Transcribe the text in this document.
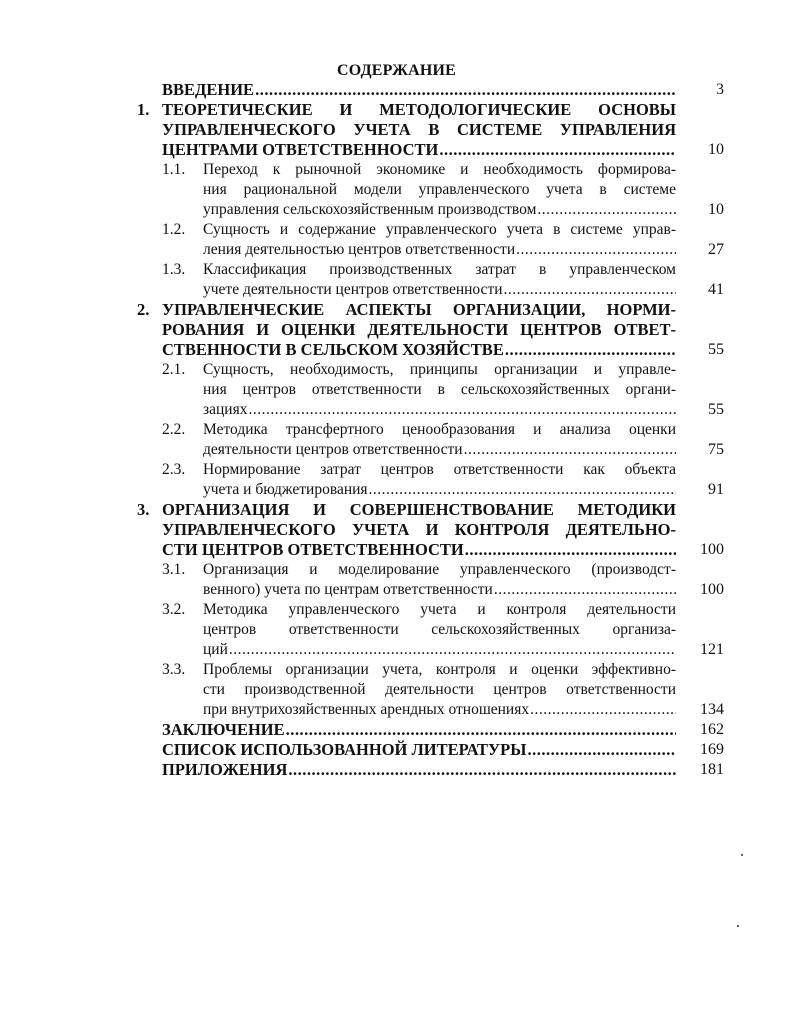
СОДЕРЖАНИЕ
ВВЕДЕНИЕ .....	3
1. ТЕОРЕТИЧЕСКИЕ И МЕТОДОЛОГИЧЕСКИЕ ОСНОВЫ
УПРАВЛЕНЧЕСКОГО УЧЕТА В СИСТЕМЕ УПРАВЛЕНИЯ
ЦЕНТРАМИ ОТВЕТСТВЕННОСТИ .....	10
1.1. Переход к рыночной экономике и необходимость формирова-
ния рациональной модели управленческого учета в системе
управления сельскохозяйственным производством .....	10
1.2. Сущность и содержание управленческого учета в системе управ-
ления деятельностью центров ответственности .....	27
1.3. Классификация производственных затрат в управленческом
учете деятельности центров ответственности .....	41
2. УПРАВЛЕНЧЕСКИЕ АСПЕКТЫ ОРГАНИЗАЦИИ, НОРМИ-
РОВАНИЯ И ОЦЕНКИ ДЕЯТЕЛЬНОСТИ ЦЕНТРОВ ОТВЕТ-
СТВЕННОСТИ В СЕЛЬСКОМ ХОЗЯЙСТВЕ .....	55
2.1. Сущность, необходимость, принципы организации и управле-
ния центров ответственности в сельскохозяйственных органи-
зациях .....	55
2.2. Методика трансфертного ценообразования и анализа оценки
деятельности центров ответственности .....	75
2.3. Нормирование затрат центров ответственности как объекта
учета и бюджетирования .....	91
3. ОРГАНИЗАЦИЯ И СОВЕРШЕНСТВОВАНИЕ МЕТОДИКИ
УПРАВЛЕНЧЕСКОГО УЧЕТА И КОНТРОЛЯ ДЕЯТЕЛЬНО-
СТИ ЦЕНТРОВ ОТВЕТСТВЕННОСТИ .....	100
3.1. Организация и моделирование управленческого (производст-
венного) учета по центрам ответственности .....	100
3.2. Методика управленческого учета и контроля деятельности
центров ответственности сельскохозяйственных организа-
ций .....	121
3.3. Проблемы организации учета, контроля и оценки эффективно-
сти производственной деятельности центров ответственности
при внутрихозяйственных арендных отношениях .....	134
ЗАКЛЮЧЕНИЕ .....	162
СПИСОК ИСПОЛЬЗОВАННОЙ ЛИТЕРАТУРЫ .....	169
ПРИЛОЖЕНИЯ .....	181
